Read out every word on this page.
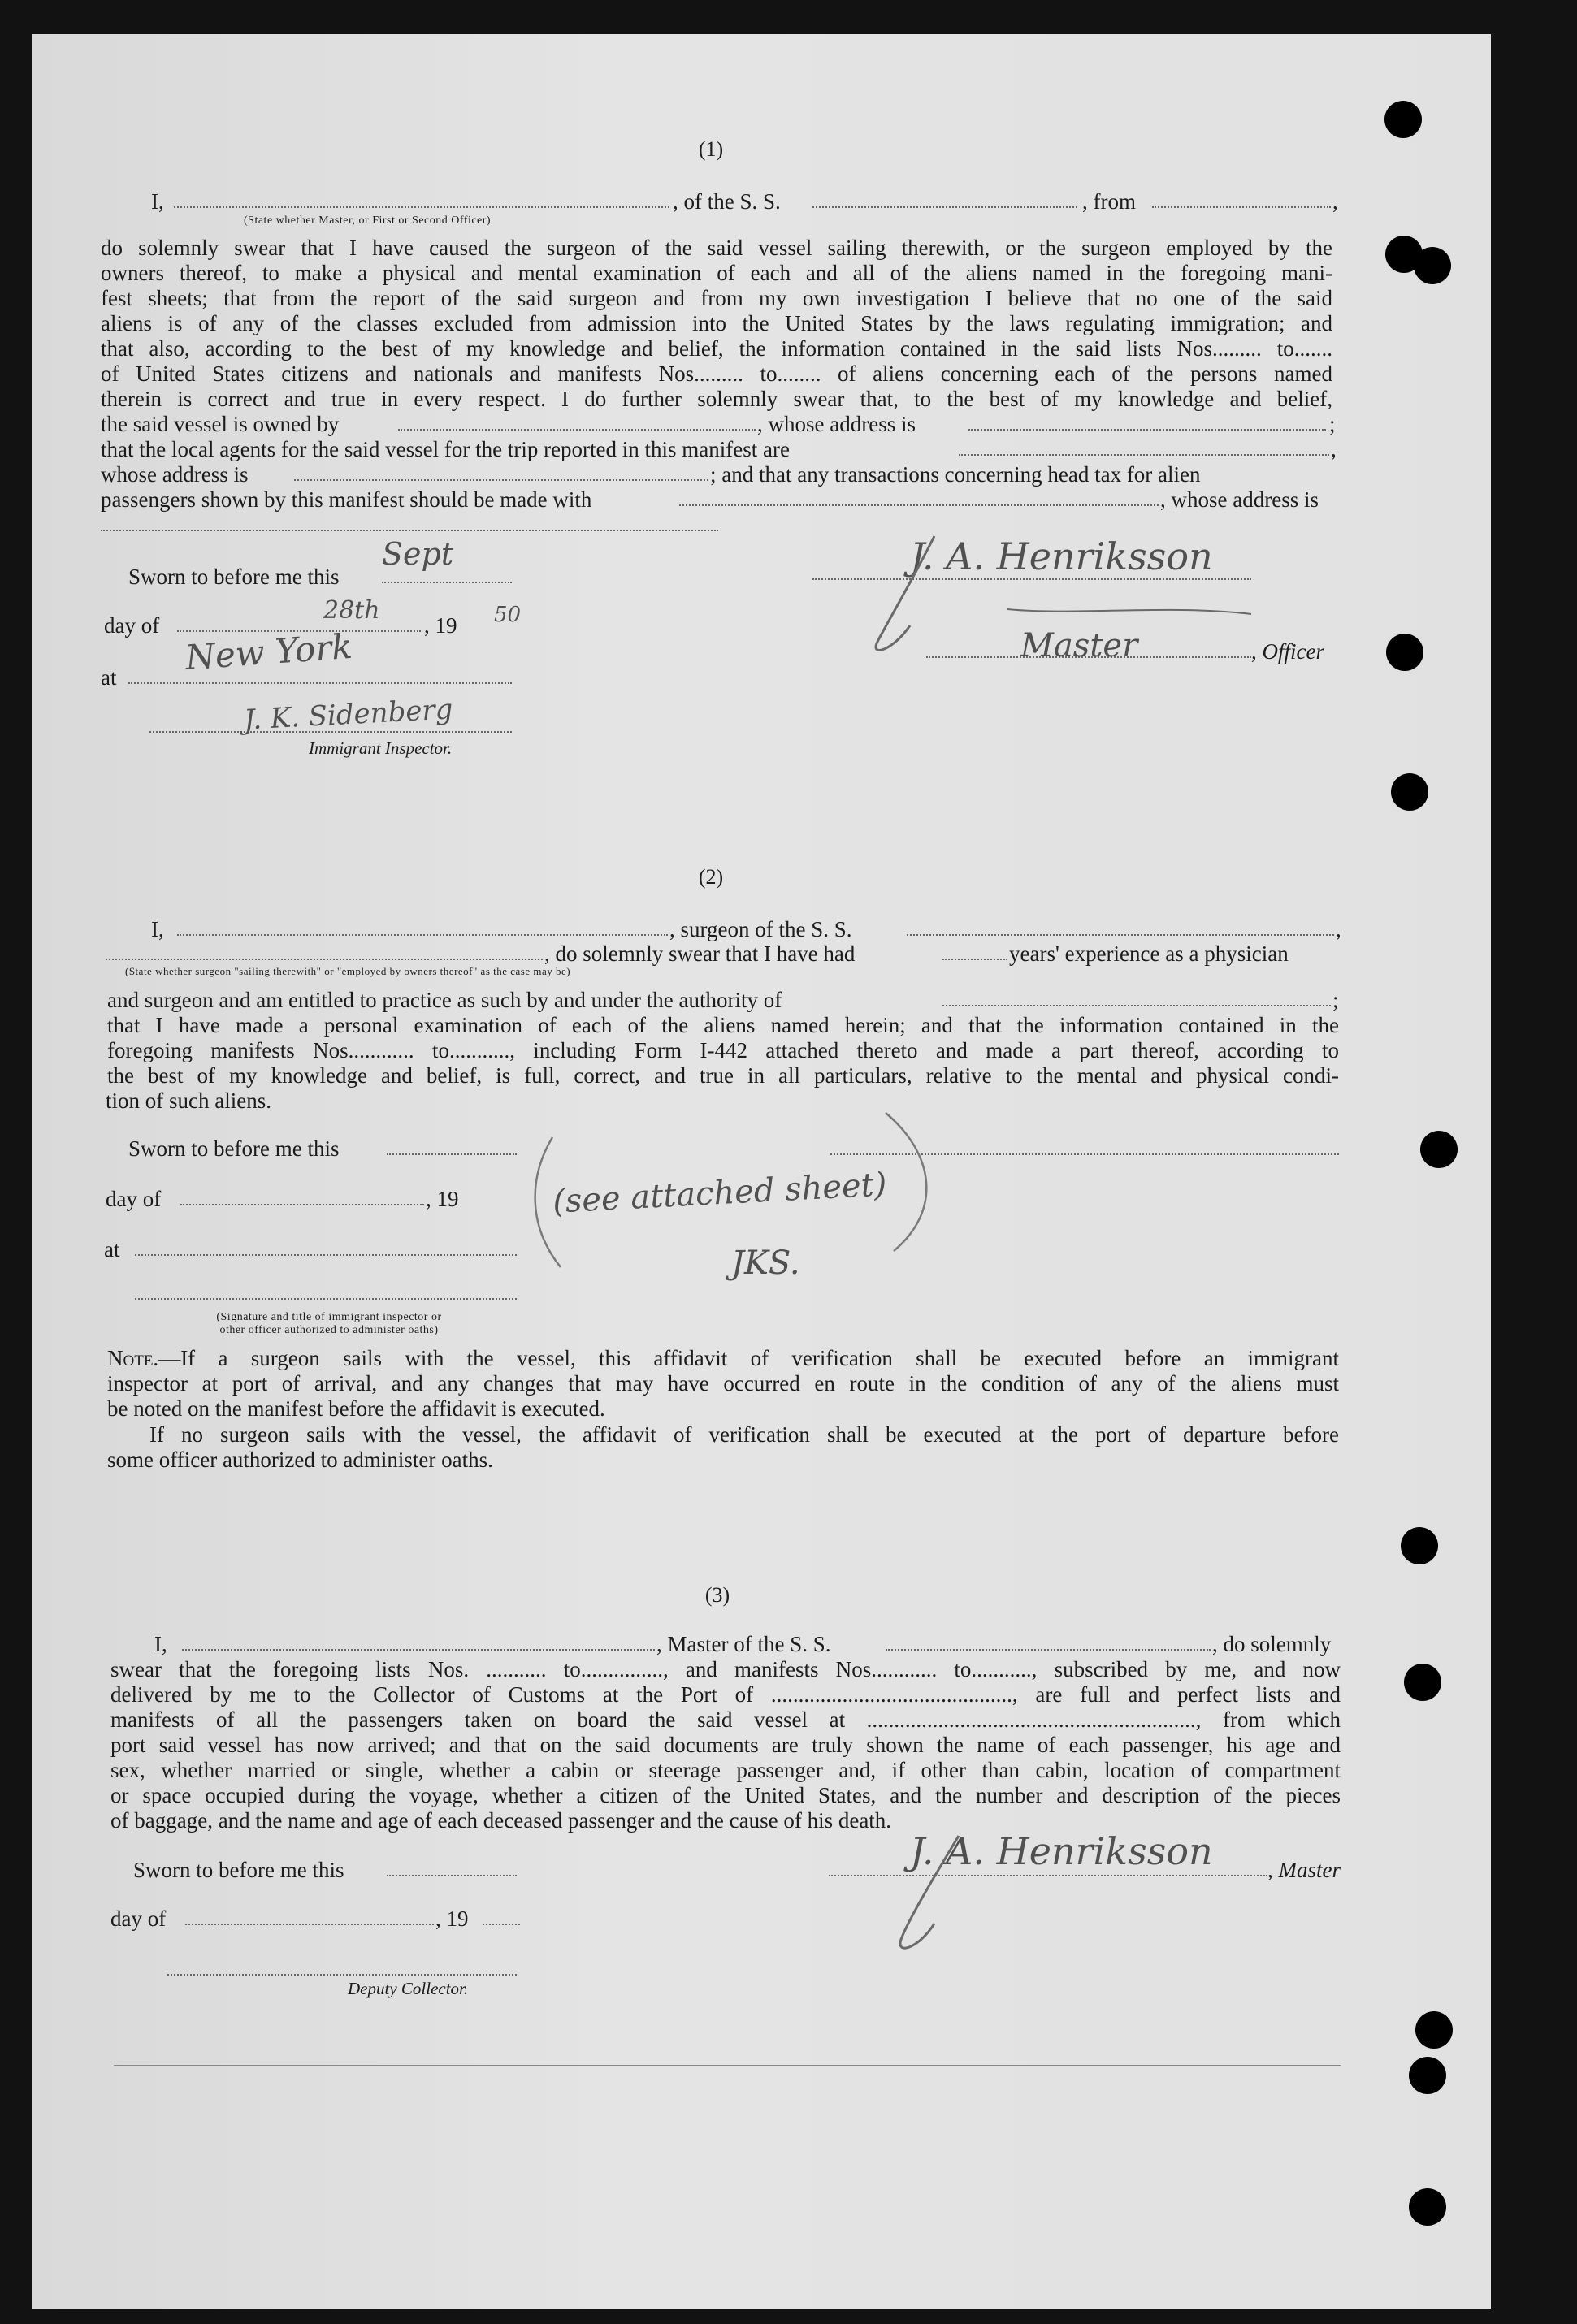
(1)
I,	, of the S. S.	, from	,
(State whether Master, or First or Second Officer)
do solemnly swear that I have caused the surgeon of the said vessel sailing therewith, or the surgeon employed by the
owners thereof, to make a physical and mental examination of each and all of the aliens named in the foregoing mani-
fest sheets; that from the report of the said surgeon and from my own investigation I believe that no one of the said
aliens is of any of the classes excluded from admission into the United States by the laws regulating immigration; and
that also, according to the best of my knowledge and belief, the information contained in the said lists Nos......... to.......
of United States citizens and nationals and manifests Nos......... to........ of aliens concerning each of the persons named
therein is correct and true in every respect. I do further solemnly swear that, to the best of my knowledge and belief,
the said vessel is owned by	, whose address is	;
that the local agents for the said vessel for the trip reported in this manifest are	,
whose address is	; and that any transactions concerning head tax for alien
passengers shown by this manifest should be made with	, whose address is
Sworn to before me this
day of	, 19
at
Immigrant Inspector.
Sept
28th	50
New York
J. K. Sidenberg
, Officer
J. A. Henriksson
Master
(2)
I,	, surgeon of the S. S.	,
, do solemnly swear that I have had	years' experience as a physician
(State whether surgeon "sailing therewith" or "employed by owners thereof" as the case may be)
and surgeon and am entitled to practice as such by and under the authority of	;
that I have made a personal examination of each of the aliens named herein; and that the information contained in the
foregoing manifests Nos............ to..........., including Form I-442 attached thereto and made a part thereof, according to
the best of my knowledge and belief, is full, correct, and true in all particulars, relative to the mental and physical condi-
tion of such aliens.
Sworn to before me this
day of	, 19
at
(Signature and title of immigrant inspector or
other officer authorized to administer oaths)
(see attached sheet)
JKS.
Note.—If a surgeon sails with the vessel, this affidavit of verification shall be executed before an immigrant
inspector at port of arrival, and any changes that may have occurred en route in the condition of any of the aliens must
be noted on the manifest before the affidavit is executed.
If no surgeon sails with the vessel, the affidavit of verification shall be executed at the port of departure before
some officer authorized to administer oaths.
(3)
I,	, Master of the S. S.	, do solemnly
swear that the foregoing lists Nos. ........... to..............., and manifests Nos............ to..........., subscribed by me, and now
delivered by me to the Collector of Customs at the Port of ............................................, are full and perfect lists and
manifests of all the passengers taken on board the said vessel at ............................................................, from which
port said vessel has now arrived; and that on the said documents are truly shown the name of each passenger, his age and
sex, whether married or single, whether a cabin or steerage passenger and, if other than cabin, location of compartment
or space occupied during the voyage, whether a citizen of the United States, and the number and description of the pieces
of baggage, and the name and age of each deceased passenger and the cause of his death.
Sworn to before me this	, Master
day of	, 19
Deputy Collector.
J. A. Henriksson
